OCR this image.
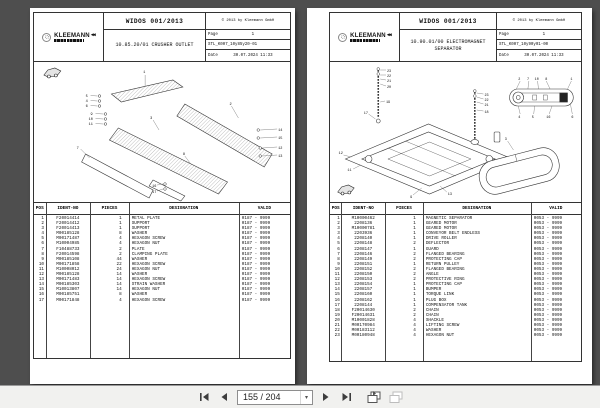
KLEEMANN ◀◀
WIDOS 001/2013	© 2013 by Kleemann GmbH
10.85.20/01 CRUSHER OUTLET
Page	1
STL_K007_10y85y20-01
Date	30.07.2024 11:33
1
5
4
6
9
10
11
2
3
7
8
14
15
12
13
16
17
POS	IDENT-NO	PIECES	DESIGNATION	VALID
1	F20014414	1	METAL PLATE	0187 - 9999
2	F20014412	1	SUPPORT	0187 - 9999
3	F20014413	1	SUPPORT	0187 - 9999
4	M00185128	8	WASHER	0187 - 9999
5	M00171487	4	HEXAGON SCREW	0187 - 9999
6	M10004985	4	HEXAGON NUT	0187 - 9999
7	F10488733	2	PLATE	0187 - 9999
8	F20014598	2	CLAMPING PLATE	0187 - 9999
9	M00185108	44	WASHER	0187 - 9999
10	M00171858	22	HEXAGON SCREW	0187 - 9999
11	M10008012	24	HEXAGON NUT	0187 - 9999
12	M00185128	14	WASHER	0187 - 9999
13	M00171483	14	HEXAGON SCREW	0187 - 9999
14	M00185303	14	STRAIN WASHER	0187 - 9999
15	M10013807	14	HEXAGON NUT	0187 - 9999
16	M00185751	8	WASHER	0187 - 9999
17	M00171848	4	HEXAGON SCREW	0187 - 9999
KLEEMANN ◀◀
WIDOS 001/2013	© 2013 by Kleemann GmbH
10.90.01/00 ELECTROMAGNET SEPARATOR
Page	1
STL_K007_10y90y01-00
Date	30.07.2024 11:33
23
22
21
20
19
17
23
22
21
18
2 7 10 8	1
4	5	16	6
3
11
9
13
12
POS	IDENT-NO	PIECES	DESIGNATION	VALID
1	M10000462	1	MAGNETIC SEPARATOR	0053 - 9999
2	2208136	1	GEARED MOTOR	0053 - 9999
3	M10000781	1	GEARED MOTOR	0053 - 9999
3	2203936	1	CONVEYOR BELT ENDLESS	0053 - 9999
4	2208140	1	DRIVE ROLLER	0053 - 9999
5	2208148	2	DEFLECTOR	0053 - 9999
6	2208147	1	GUARD	0053 - 9999
7	2208146	2	FLANGED BEARING	0053 - 9999
8	2208149	2	PROTECTING CAP	0053 - 9999
9	2208151	1	RETURN PULLEY	0053 - 9999
10	2208152	2	FLANGED BEARING	0053 - 9999
11	2208150	2	ANGLE	0053 - 9999
12	2208153	2	PROTECTIVE RING	0053 - 9999
13	2208154	1	PROTECTING CAP	0053 - 9999
14	2208157	1	BUMPER	0053 - 9999
15	2208160	1	TORQUE LINK	0053 - 9999
16	2208162	1	PLUG BOX	0053 - 9999
17	2208144	1	COMPENSATOR TANK	0053 - 9999
18	F20014630	2	CHAIN	0053 - 9999
19	F20014631	2	CHAIN	0053 - 9999
20	M10001828	4	SHACKLE	0053 - 9999
21	M00170984	4	LIFTING SCREW	0053 - 9999
22	M00183112	4	WASHER	0053 - 9999
23	M00180948	4	HEXAGON NUT	0053 - 9999
155 / 204
▾
